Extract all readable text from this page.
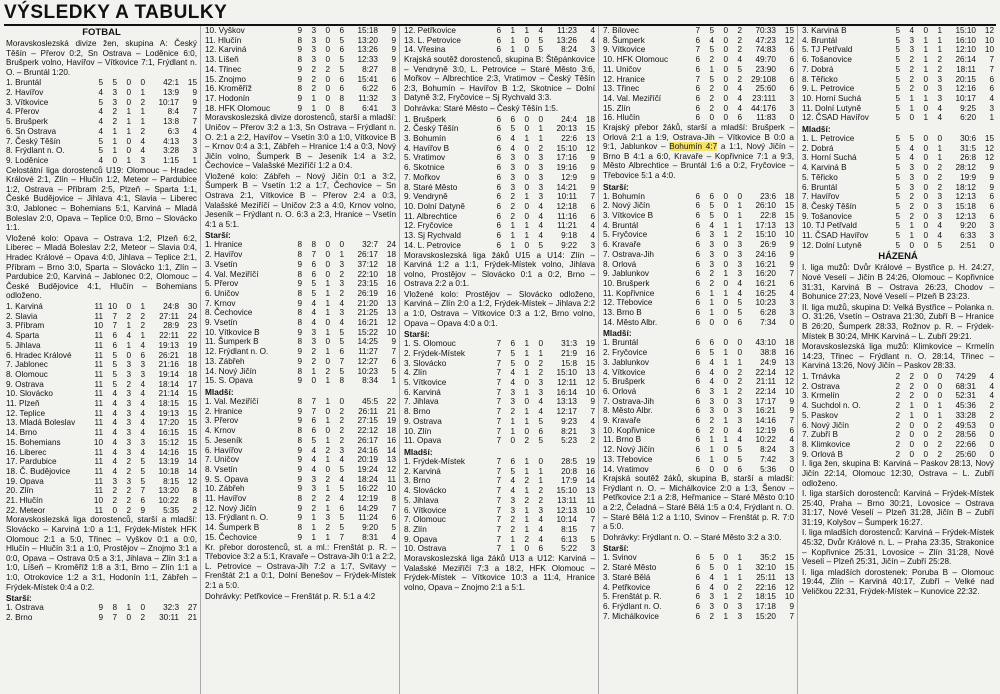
VÝSLEDKY A TABULKY
FOTBAL

Moravskoslezská divize žen, skupina A: Český Těšín – Přerov 0:2, Sn Ostrava – Loděnice 6:0, Brušperk volno, Havířov – Vítkovice 7:1, Frýdlant n. O. – Bruntál 1:20.

1. Bruntál	5	5	0	0	42:1	15
2. Havířov	4	3	0	1	13:9	9
3. Vítkovice	5	3	0	2	10:17	9
4. Přerov	4	2	1	1	8:4	7
5. Brušperk	4	2	1	1	13:8	7
6. Sn Ostrava	4	1	1	2	6:3	4
7. Český Těšín	5	1	0	4	4:13	3
8. Frýdlant n. O.	5	1	0	4	3:28	3
9. Loděnice	4	0	1	3	1:15	1

Celostátní liga dorostenců U19: Olomouc – Hradec Králové 2:1, Zlín – Hlučín 1:2, Meteor – Pardubice 1:2, Ostrava – Příbram 2:5, Plzeň – Sparta 1:1, České Budějovice – Jihlava 4:1, Slavia – Liberec 3:0, Jablonec – Bohemians 5:1, Karviná – Mladá Boleslav 2:0, Opava – Teplice 0:0, Brno – Slovácko 1:1.

Vložené kolo: Opava – Ostrava 1:2, Plzeň 6:2, Liberec – Mladá Boleslav 2:2, Meteor – Slavia 0:4, Hradec Králové – Opava 4:0, Jihlava – Teplice 2:1, Příbram – Brno 3:0, Sparta – Slovácko 1:1, Zlín – Pardubice 2:0, Karviná – Jablonec 0:2, Olomouc – České Budějovice 4:1, Hlučín – Bohemians odloženo.

1. Karviná	11	10	0	1	24:8	30
2. Slavia	11	7	2	2	27:11	24
3. Příbram	10	7	1	2	28:9	23
4. Sparta	11	6	4	1	22:11	22
5. Jihlava	11	6	1	4	19:13	19
6. Hradec Králové	11	5	0	6	26:21	18
7. Jablonec	11	5	3	3	21:16	18
8. Olomouc	11	5	3	3	19:14	18
9. Ostrava	11	5	2	4	18:14	17
10. Slovácko	11	4	3	4	21:14	15
11. Plzeň	11	4	3	4	18:15	15
12. Teplice	11	4	3	4	19:13	15
13. Mladá Boleslav	11	4	3	4	17:20	15
14. Brno	11	4	3	4	16:15	15
15. Bohemians	10	4	3	3	15:12	15
16. Liberec	11	4	3	4	14:16	15
17. Pardubice	11	4	2	5	13:19	14
18. Č. Budějovice	11	4	2	5	10:18	14
19. Opava	11	3	3	5	8:15	12
20. Zlín	11	2	2	7	13:20	8
21. Hlučín	10	2	2	6	10:22	8
22. Meteor	11	0	2	9	5:35	2

Moravskoslezská liga dorostenců, starší a mladší: Slovácko – Karviná 1:0 a 1:1, Frýdek-Místek HFK Olomouc 2:1 a 5:0, Třinec – Vyškov 0:1 a 0:0, Hlučín – Hlučín 3:1 a 1:0, Prostějov – Znojmo 3:1 a 0:0, Opava – Ostrava 0:5 a 3:1, Jihlava – Zlín 3:1 a 1:0, Líšeň – Kroměříž 1:8 a 3:1, Brno – Zlín 1:1 a 1:0, Otrokovice 1:2 a 3:1, Hodonín 1:1, Zábřeh – Frýdek-Místek 0:4 a 0:2.

Starší:
1. Ostrava	9	8	1	0	32:3	27
2. Brno	9	7	0	2	30:11	21
10. Vyškov	9	3	0	6	15:18	9
11. Hlučín	8	3	0	5	13:20	9
12. Karviná	9	3	0	6	13:26	9
13. Líšeň	8	3	0	5	12:33	9
14. Třinec	9	2	2	5	8:27	8
15. Znojmo	9	2	0	6	15:41	6
16. Kroměříž	8	2	0	6	6:22	6
17. Hodonín	9	1	0	8	11:32	3
18. HFK Olomouc	9	1	0	8	6:41	3

Moravskoslezská divize dorostenců, starší a mladší: Uničov – Přerov 3:2 a 1:3, Sn Ostrava – Frýdlant n. O. 2:1 a 2:2, Havířov – Vsetín 3:0 a 1:0, Vítkovice B – Krnov 0:4 a 3:1, Zábřeh – Hranice 1:4 a 0:3, Nový Jičín volno, Šumperk B – Jeseník 1:4 a 3:2, Čechovice – Valašské Meziříčí 1:2 a 0:4.

Vložené kolo: Zábřeh – Nový Jičín 0:1 a 3:2, Šumperk B – Vsetín 1:2 a 1:7, Čechovice – Sn Ostrava 2:1, Vítkovice B – Přerov 2:4 a 0:3, Valašské Meziříčí – Uničov 2:3 a 4:0, Krnov volno, Jeseník – Frýdlant n. O. 6:3 a 2:3, Hranice – Vsetín 4:1 a 5:1.

Starší:
1. Hranice	8	8	0	0	32:7	24
2. Havířov	8	7	0	1	26:17	18
3. Vsetín	9	6	0	3	37:12	18
4. Val. Meziříčí	8	6	0	2	22:10	18
5. Přerov	9	5	1	3	23:15	16
6. Uničov	8	5	1	2	26:19	16
7. Krnov	9	4	1	4	21:20	13
8. Čechovice	8	4	1	3	21:25	13
9. Vsetín	8	4	0	4	16:21	12
10. Vítkovice B	9	3	1	5	15:22	10
11. Šumperk B	8	3	0	5	14:25	9
12. Frýdlant n. O.	9	2	1	6	11:27	7
13. Zábřeh	9	2	0	7	12:27	6
14. Nový Jičín	8	1	2	5	10:23	5
15. S. Opava	9	0	1	8	8:34	1
Mladší:
1. Val. Meziříčí	8	7	1	0	45:5	22
2. Hranice	9	7	0	2	26:11	21
3. Přerov	9	6	1	2	27:15	19
4. Krnov	8	6	0	2	22:12	18
5. Jeseník	8	5	1	2	26:17	16
6. Havířov	9	4	2	3	24:16	14
7. Uničov	9	4	1	4	20:19	13
8. Vsetín	9	4	0	5	19:24	12
9. S. Opava	9	3	2	4	18:24	11
10. Zábřeh	9	3	1	5	16:22	10
11. Havířov	8	2	2	4	12:19	8
12. Nový Jičín	9	2	1	6	14:29	7
13. Frýdlant n. O.	9	1	3	5	11:24	6
14. Šumperk B	8	1	2	5	9:20	5
15. Čechovice	9	1	1	7	8:31	4

Kr. přebor dorostenců, st. a ml.: Frenštát p. R. – Třebovice 3:2 a 5:1, Kravaře – Ostrava-Jih 0:1 a 2:2, L. Petrovice – Ostrava-Jih 7:2 a 1:7, Svitavy – Frenštát 2:1 a 0:1, Dolní Benešov – Frýdek-Místek 2:1 a 5:0.

Dohrávky: Petřkovice – Frenštát p. R. 5:1 a 4:2

12. Petřkovice	6	1	1	4	11:23	4
13. L. Petrovice	6	1	0	5	13:26	4
14. Vřesina	6	1	0	5	8:24	3

Krajská soutěž dorostenců, skupina B: Štěpánkovice – Vendryně 3:0, L. Petrovice – Staré Město 3:6, Mořkov – Albrechtice 2:3, Vratimov – Český Těšín 2:3, Bohumín – Havířov B 1:2, Skotnice – Dolní Datyně 3:2, Fryčovice – Sj Rychvald 3:3.

Dohrávka: Staré Město – Český Těšín 1:5.

1. Brušperk	6	6	0	0	24:4	18
2. Český Těšín	6	5	0	1	20:13	15
3. Bohumín	6	4	1	1	22:6	13
4. Havířov B	6	4	0	2	15:10	12
5. Vratimov	6	3	0	3	17:16	9
6. Skotnice	6	3	0	3	19:16	9
7. Mořkov	6	3	0	3	12:9	9
8. Staré Město	6	3	0	3	14:21	9
9. Vendryně	6	2	1	3	10:11	7
10. Dolní Datyně	6	2	0	4	12:18	6
11. Albrechtice	6	2	0	4	11:16	6
12. Fryčovice	6	1	1	4	11:21	4
13. Sj Rychvald	6	1	1	4	9:18	4
14. L. Petrovice	6	1	0	5	9:22	3

Moravskoslezská liga žáků U15 a U14: Zlín – Karviná 1:2 a 1:1, Frýdek-Místek volno, Jihlava volno, Prostějov – Slovácko 0:1 a 0:2, Brno – Ostrava 2:2 a 0:1.

Vložené kolo: Prostějov – Slovácko odloženo, Karviná – Zlín 2:0 a 1:2, Frýdek-Místek – Jihlava 2:2 a 1:0, Ostrava – Vítkovice 0:3 a 1:2, Brno volno, Opava – Opava 4:0 a 0:1.

Starší:
1. S. Olomouc	7	6	1	0	31:3	19
2. Frýdek-Místek	7	5	1	1	21:9	16
3. Slovácko	7	5	0	2	15:8	15
4. Zlín	7	4	1	2	15:10	13
5. Vítkovice	7	4	0	3	12:11	12
6. Karviná	7	3	1	3	16:14	10
7. Jihlava	7	3	0	4	13:13	9
8. Brno	7	2	1	4	12:17	7
9. Ostrava	7	1	1	5	9:23	4
10. Zlín	7	1	0	6	8:21	3
11. Opava	7	0	2	5	5:23	2
Mladší:
1. Frýdek-Místek	7	6	1	0	28:5	19
2. Karviná	7	5	1	1	20:8	16
3. Brno	7	4	2	1	17:9	14
4. Slovácko	7	4	1	2	15:10	13
5. Jihlava	7	3	2	2	13:11	11
6. Vítkovice	7	3	1	3	12:13	10
7. Olomouc	7	2	1	4	10:14	7
8. Zlín	7	2	1	4	8:15	7
9. Opava	7	1	2	4	6:13	5
10. Ostrava	7	1	0	6	5:22	3

Moravskoslezská liga žáků U13 a U12: Karviná – Valašské Meziříčí 7:3 a 18:2, HFK Olomouc – Frýdek-Místek – Vítkovice 10:3 a 11:4, Hranice volno, Opava – Znojmo 2:1 a 5:1.

7. Bílovec	7	5	0	2	70:33	15
8. Šumperk	6	4	0	2	47:23	12
9. Vítkovice	7	5	0	2	74:83	6
10. HFK Olomouc	6	2	0	4	49:70	6
11. Uničov	6	1	0	5	23:90	6
12. Hranice	7	5	0	2	29:108	6
13. Třinec	6	2	0	4	25:60	6
14. Val. Meziříčí	6	2	0	4	23:111	3
15. Zlín	6	2	0	4	44:176	3
16. Hlučín	6	0	0	6	11:83	0

Krajský přebor žáků, starší a mladší: Brušperk – Orlová 2:1 a 1:9, Ostrava-Jih – Vítkovice B 0:0 a 9:1, Jablunkov – Bohumín 4:7 a 1:1, Nový Jičín – Brno B 4:1 a 6:0, Kravaře – Kopřivnice 7:1 a 9:3, Město Albrechtice – Bruntál 1:6 a 0:2, Fryčovice – Třebovice 5:1 a 4:0.

Starší:
1. Bohumín	6	6	0	0	23:6	18
2. Nový Jičín	6	5	0	1	26:10	15
3. Vítkovice B	6	5	0	1	22:8	15
4. Bruntál	6	4	1	1	17:13	13
5. Fryčovice	6	3	1	2	15:10	10
6. Kravaře	6	3	0	3	26:9	9
7. Ostrava-Jih	6	3	0	3	24:16	9
8. Orlová	6	3	0	3	16:21	9
9. Jablunkov	6	2	1	3	16:20	7
10. Brušperk	6	2	0	4	16:21	6
11. Kopřivnice	6	1	1	4	16:25	4
12. Třebovice	6	1	0	5	10:23	3
13. Brno B	6	1	0	5	6:28	3
14. Město Albr.	6	0	0	6	7:34	0
Mladší:
1. Bruntál	6	6	0	0	43:10	18
2. Fryčovice	6	5	1	0	38:8	16
3. Jablunkov	6	4	1	1	24:9	13
4. Vítkovice	6	4	0	2	22:14	12
5. Brušperk	6	4	0	2	21:11	12
6. Orlová	6	3	1	2	22:14	10
7. Ostrava-Jih	6	3	0	3	17:17	9
8. Město Albr.	6	3	0	3	16:21	9
9. Kravaře	6	2	1	3	14:16	7
10. Kopřivnice	6	2	0	4	12:19	6
11. Brno B	6	1	1	4	10:22	4
12. Nový Jičín	6	1	0	5	8:24	3
13. Třebovice	6	1	0	5	7:42	3
14. Vratimov	6	0	0	6	5:36	0

Krajská soutěž žáků, skupina B, starší a mladší: Frýdlant n. O. – Michálkovice 2:0 a 1:3, Šenov – Petřkovice 2:1 a 2:8, Heřmanice – Staré Město 0:10 a 2:2, Čeladná – Staré Bělá 1:5 a 0:4, Frýdlant n. O. – Staré Bělá 1:2 a 1:10, Svinov – Frenštát p. R. 7:0 a 5:0.

Dohrávky: Frýdlant n. O. – Staré Město 3:2 a 3:0.

Starší:
1. Svinov	6	5	0	1	35:2	15
2. Staré Město	6	5	0	1	32:10	15
3. Staré Bělá	6	4	1	1	25:11	13
4. Petřkovice	6	4	0	2	22:16	12
5. Frenštát p. R.	6	3	1	2	18:15	10
6. Frýdlant n. O.	6	3	0	3	17:18	9
7. Michálkovice	6	2	1	3	15:20	7
3. Karviná B	5	4	0	1	15:10	12
4. Bruntál	5	3	1	1	16:10	10
5. TJ Petřvald	5	3	1	1	12:10	10
6. Tošanovice	5	2	1	2	26:14	7
7. Dobrá	5	2	1	2	18:11	7
8. Těřicko	5	2	0	3	20:15	6
9. L. Petrovice	5	2	0	3	12:16	6
10. Horní Suchá	5	1	1	3	10:17	4
11. Dolní Lutyně	5	1	0	4	9:25	3
12. ČSAD Havířov	5	0	1	4	6:20	1
Mladší:
1. L. Petrovice	5	5	0	0	30:6	15
2. Dobrá	5	4	0	1	31:5	12
3. Horní Suchá	5	4	0	1	26:8	12
4. Karviná B	5	3	0	2	28:12	9
5. Těřicko	5	3	0	2	19:9	9
6. Bruntál	5	3	0	2	18:12	9
7. Havířov	5	2	0	3	12:13	6
8. Český Těšín	5	2	0	3	15:18	6
9. Tošanovice	5	2	0	3	12:13	6
10. TJ Petřvald	5	1	0	4	9:20	3
11. ČSAD Havířov	5	1	0	4	6:33	3
12. Dolní Lutyně	5	0	0	5	2:51	0
HÁZENÁ

I. liga mužů: Dvůr Králové – Bystřice p. H. 24:27, Nové Veselí – Jičín B 24:26, Olomouc – Kopřivnice 31:31, Karviná B – Ostrava 26:23, Chodov – Bohunice 27:23, Nové Veselí – Plzeň B 23:23.

II. liga mužů, skupina D: Velká Bystřice – Polanka n. O. 31:26, Vsetín – Ostrava 21:30, Zubří B – Hranice B 26:20, Šumperk 28:33, Rožnov p. R. – Frýdek-Místek B 30:24, MHK Karviná – L. Zubří 29:21.

Moravskoslezská liga mužů: Klimkovice – Krmelín 14:23, Třinec – Frýdlant n. O. 28:14, Třinec – Karviná 13:26, Nový Jičín – Paskov 28:33.

1. Trnávka	2	2	0	0	74:29	4
2. Ostrava	2	2	0	0	68:31	4
3. Krmelín	2	2	0	0	52:31	4
4. Suchdol n. O.	2	1	0	1	45:36	2
5. Paskov	2	1	0	1	33:28	2
6. Nový Jičín	2	0	0	2	49:53	0
7. Zubří B	2	0	0	2	28:56	0
8. Klimkovice	2	0	0	2	22:66	0
9. Orlová B	2	0	0	2	25:60	0

I. liga žen, skupina B: Karviná – Paskov 28:13, Nový Jičín 22:14, Olomouc 12:30, Ostrava – L. Zubří odloženo.

I. liga starších dorostenců: Karviná – Frýdek-Místek 25:40, Praha – Brno 30:21, Lovosice – Ostrava 31:17, Nové Veselí – Plzeň 31:28, Jičín B – Zubří 31:19, Kolyšov – Šumperk 16:27.

I. liga mladších dorostenců: Karviná – Frýdek-Místek 45:32, Dvůr Králové n. L. – Praha 23:35, Strakonice – Kopřivnice 25:31, Lovosice – Zlín 31:28, Nové Veselí – Plzeň 25:31, Jičín – Zubří 25:28.

I. liga mladších dorostenek: Poruba B – Olomouc 19:44, Zlín – Karviná 40:17, Zubří – Velké nad Veličkou 22:31, Frýdek-Místek – Kunovice 22:32.
